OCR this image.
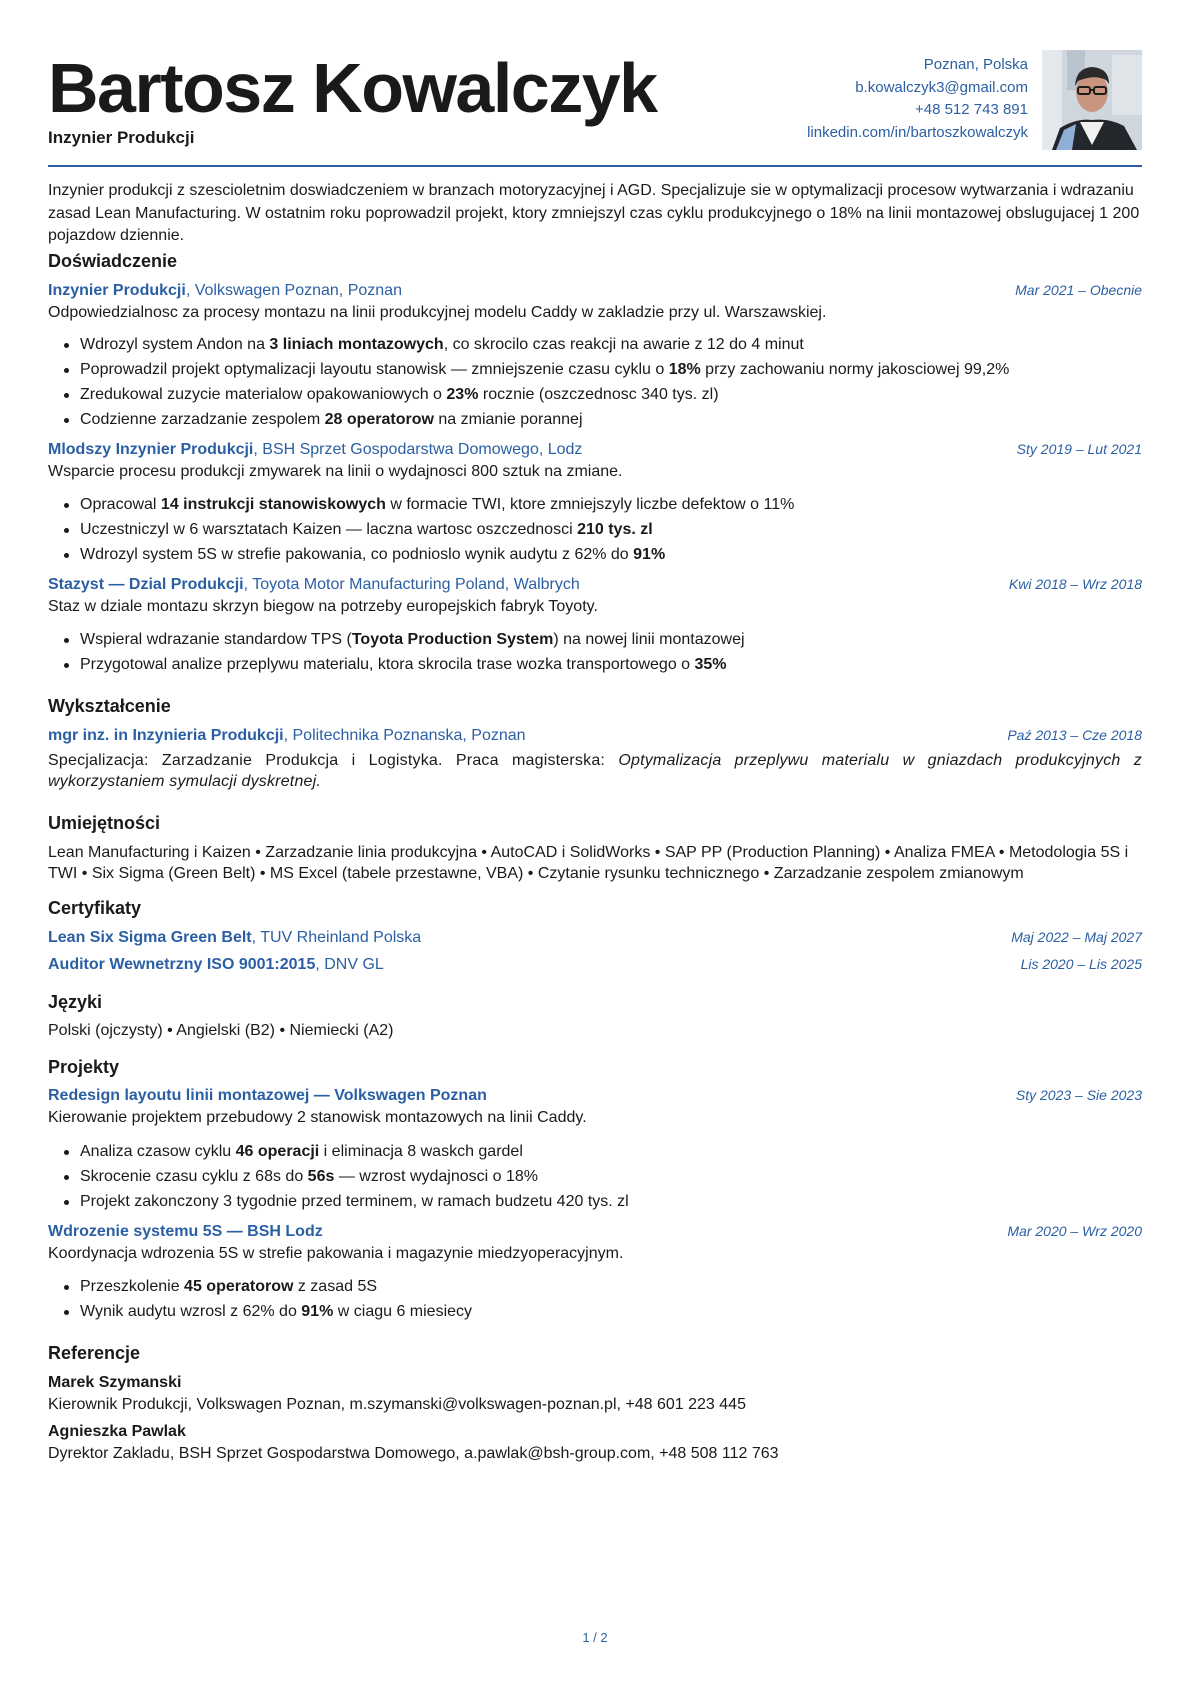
Bartosz Kowalczyk
Inzynier Produkcji
Poznan, Polska
b.kowalczyk3@gmail.com
+48 512 743 891
linkedin.com/in/bartoszkowalczyk
Inzynier produkcji z szescioletnim doswiadczeniem w branzach motoryzacyjnej i AGD. Specjalizuje sie w optymalizacji procesow wytwarzania i wdrazaniu zasad Lean Manufacturing. W ostatnim roku poprowadzil projekt, ktory zmniejszyl czas cyklu produkcyjnego o 18% na linii montazowej obslugujacej 1 200 pojazdow dziennie.
Doświadczenie
Inzynier Produkcji, Volkswagen Poznan, Poznan	Mar 2021 – Obecnie
Odpowiedzialnosc za procesy montazu na linii produkcyjnej modelu Caddy w zakladzie przy ul. Warszawskiej.
Wdrozyl system Andon na 3 liniach montazowych, co skrocilo czas reakcji na awarie z 12 do 4 minut
Poprowadzil projekt optymalizacji layoutu stanowisk — zmniejszenie czasu cyklu o 18% przy zachowaniu normy jakosciowej 99,2%
Zredukowal zuzycie materialow opakowaniowych o 23% rocznie (oszczednosc 340 tys. zl)
Codzienne zarzadzanie zespolem 28 operatorow na zmianie porannej
Mlodszy Inzynier Produkcji, BSH Sprzet Gospodarstwa Domowego, Lodz	Sty 2019 – Lut 2021
Wsparcie procesu produkcji zmywarek na linii o wydajnosci 800 sztuk na zmiane.
Opracowal 14 instrukcji stanowiskowych w formacie TWI, ktore zmniejszyly liczbe defektow o 11%
Uczestniczyl w 6 warsztatach Kaizen — laczna wartosc oszczednosci 210 tys. zl
Wdrozyl system 5S w strefie pakowania, co podnioslo wynik audytu z 62% do 91%
Stazyst — Dzial Produkcji, Toyota Motor Manufacturing Poland, Walbrych	Kwi 2018 – Wrz 2018
Staz w dziale montazu skrzyn biegow na potrzeby europejskich fabryk Toyoty.
Wspieral wdrazanie standardow TPS (Toyota Production System) na nowej linii montazowej
Przygotowal analize przeplywu materialu, ktora skrocila trase wozka transportowego o 35%
Wykształcenie
mgr inz. in Inzynieria Produkcji, Politechnika Poznanska, Poznan	Paź 2013 – Cze 2018
Specjalizacja: Zarzadzanie Produkcja i Logistyka. Praca magisterska: Optymalizacja przeplywu materialu w gniazdach produkcyjnych z wykorzystaniem symulacji dyskretnej.
Umiejętności
Lean Manufacturing i Kaizen • Zarzadzanie linia produkcyjna • AutoCAD i SolidWorks • SAP PP (Production Planning) • Analiza FMEA • Metodologia 5S i TWI • Six Sigma (Green Belt) • MS Excel (tabele przestawne, VBA) • Czytanie rysunku technicznego • Zarzadzanie zespolem zmianowym
Certyfikaty
Lean Six Sigma Green Belt, TUV Rheinland Polska	Maj 2022 – Maj 2027
Auditor Wewnetrzny ISO 9001:2015, DNV GL	Lis 2020 – Lis 2025
Języki
Polski (ojczysty) • Angielski (B2) • Niemiecki (A2)
Projekty
Redesign layoutu linii montazowej — Volkswagen Poznan	Sty 2023 – Sie 2023
Kierowanie projektem przebudowy 2 stanowisk montazowych na linii Caddy.
Analiza czasow cyklu 46 operacji i eliminacja 8 waskch gardel
Skrocenie czasu cyklu z 68s do 56s — wzrost wydajnosci o 18%
Projekt zakonczony 3 tygodnie przed terminem, w ramach budzetu 420 tys. zl
Wdrozenie systemu 5S — BSH Lodz	Mar 2020 – Wrz 2020
Koordynacja wdrozenia 5S w strefie pakowania i magazynie miedzyoperacyjnym.
Przeszkolenie 45 operatorow z zasad 5S
Wynik audytu wzrosl z 62% do 91% w ciagu 6 miesiecy
Referencje
Marek Szymanski
Kierownik Produkcji, Volkswagen Poznan, m.szymanski@volkswagen-poznan.pl, +48 601 223 445
Agnieszka Pawlak
Dyrektor Zakladu, BSH Sprzet Gospodarstwa Domowego, a.pawlak@bsh-group.com, +48 508 112 763
1 / 2
